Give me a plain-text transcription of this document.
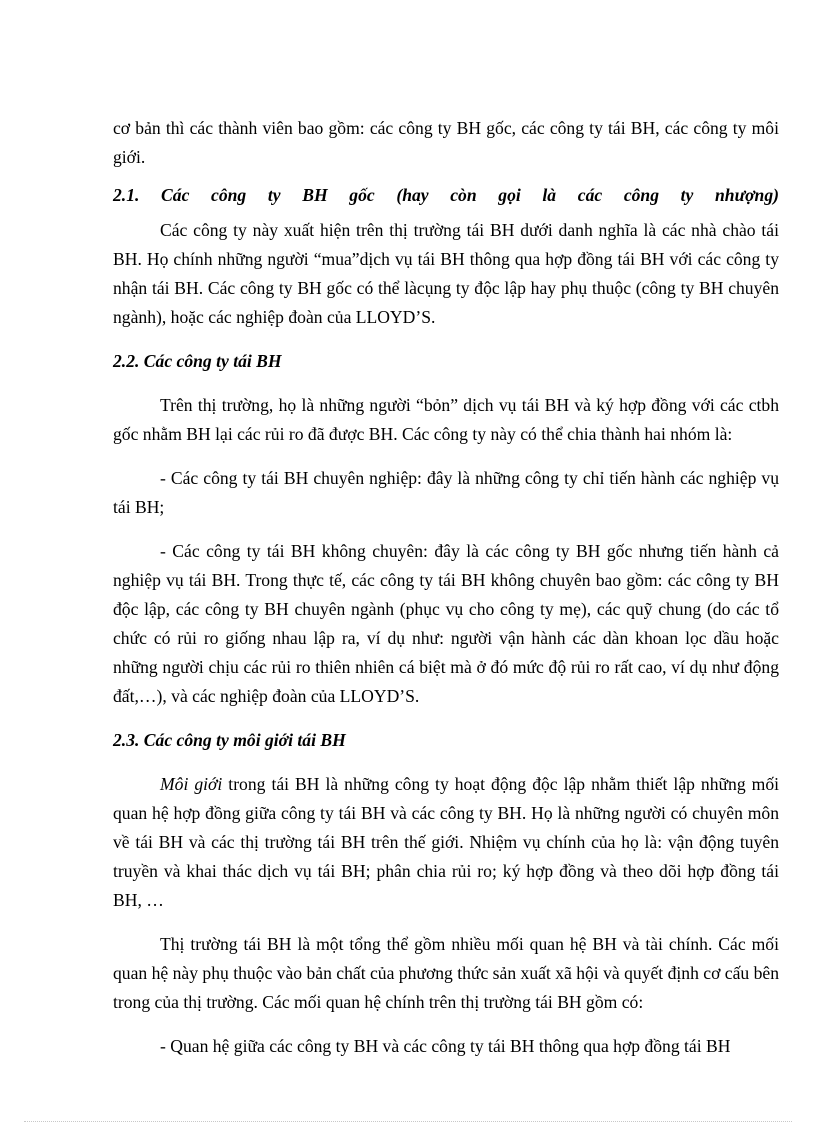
cơ bản thì các thành viên bao gồm: các công ty BH gốc, các công ty tái BH, các công ty môi giới.

2.1. Các công ty BH gốc (hay còn gọi là các công ty nhượng)

Các công ty này xuất hiện trên thị trường tái BH dưới danh nghĩa là các nhà chào tái BH. Họ chính những người “mua”dịch vụ tái BH thông qua hợp đồng tái BH với các công ty nhận tái BH. Các công ty BH gốc có thể làcụng ty độc lập hay phụ thuộc (công ty BH chuyên ngành), hoặc các nghiệp đoàn của LLOYD’S.

2.2. Các công ty tái BH

Trên thị trường, họ là những người “bỏn” dịch vụ tái BH và ký hợp đồng với các ctbh gốc nhằm BH lại các rủi ro đã được BH. Các công ty này có thể chia thành hai nhóm là:

- Các công ty tái BH chuyên nghiệp: đây là những công ty chỉ tiến hành các nghiệp vụ tái BH;

- Các công ty tái BH không chuyên: đây là các công ty BH gốc nhưng tiến hành cả nghiệp vụ tái BH. Trong thực tế, các công ty tái BH không chuyên bao gồm: các công ty BH độc lập, các công ty BH chuyên ngành (phục vụ cho công ty mẹ), các quỹ chung (do các tổ chức có rủi ro giống nhau lập ra, ví dụ như: người vận hành các dàn khoan lọc dầu hoặc những người chịu các rủi ro thiên nhiên cá biệt mà ở đó mức độ rủi ro rất cao, ví dụ như động đất,…), và các nghiệp đoàn của LLOYD’S.

2.3. Các công ty môi giới tái BH

Môi giới trong tái BH là những công ty hoạt động độc lập nhằm thiết lập những mối quan hệ hợp đồng giữa công ty tái BH và các công ty BH. Họ là những người có chuyên môn về tái BH và các thị trường tái BH trên thế giới. Nhiệm vụ chính của họ là: vận động tuyên truyền và khai thác dịch vụ tái BH; phân chia rủi ro; ký hợp đồng và theo dõi hợp đồng tái BH, …

Thị trường tái BH là một tổng thể gồm nhiều mối quan hệ BH và tài chính. Các mối quan hệ này phụ thuộc vào bản chất của phương thức sản xuất xã hội và quyết định cơ cấu bên trong của thị trường. Các mối quan hệ chính trên thị trường tái BH gồm có:

- Quan hệ giữa các công ty BH và các công ty tái BH thông qua hợp đồng tái BH
